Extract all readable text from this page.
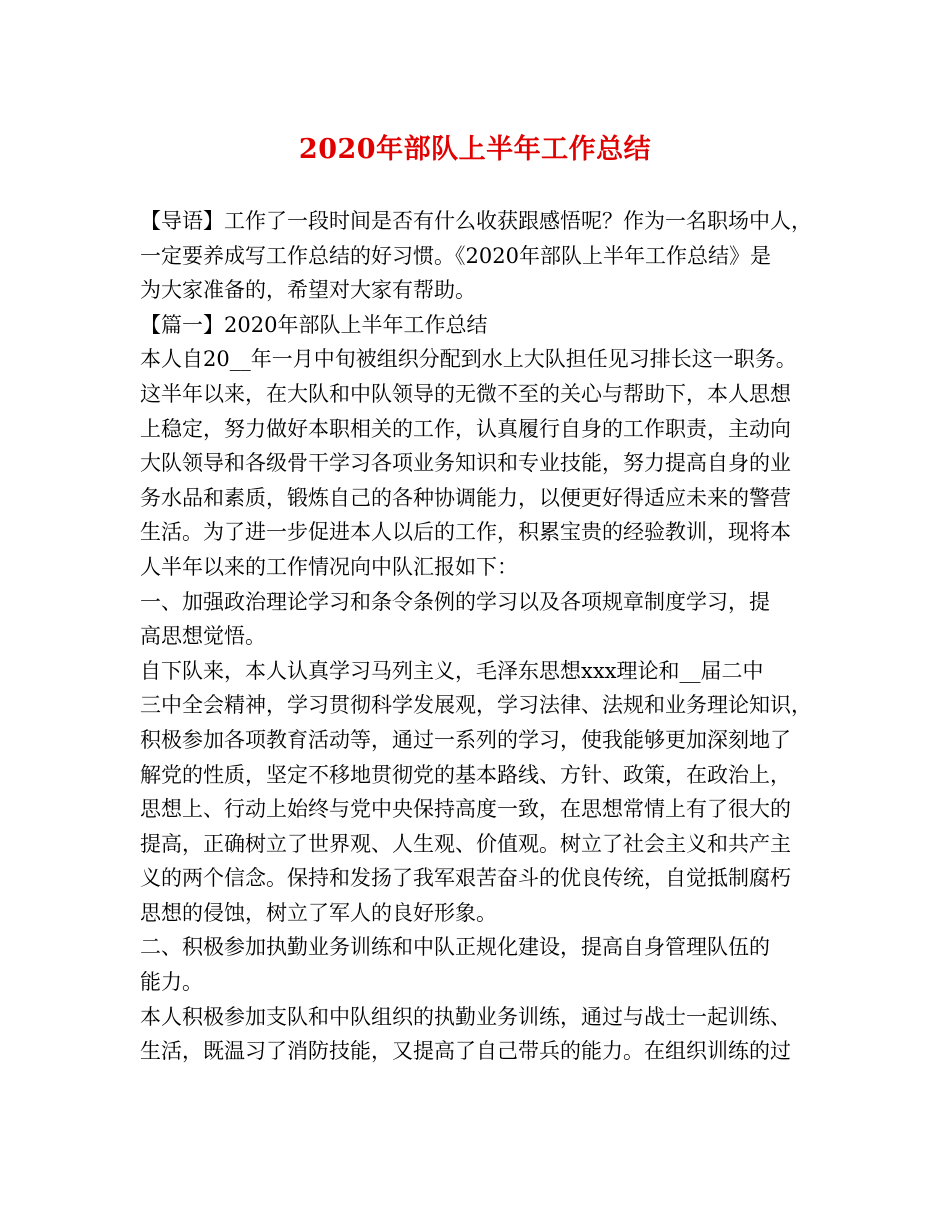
2020年部队上半年工作总结
【导语】工作了一段时间是否有什么收获跟感悟呢？作为一名职场中人，
一定要养成写工作总结的好习惯。《2020年部队上半年工作总结》是
为大家准备的，希望对大家有帮助。
【篇一】2020年部队上半年工作总结
本人自20__年一月中旬被组织分配到水上大队担任见习排长这一职务。
这半年以来，在大队和中队领导的无微不至的关心与帮助下，本人思想
上稳定，努力做好本职相关的工作，认真履行自身的工作职责，主动向
大队领导和各级骨干学习各项业务知识和专业技能，努力提高自身的业
务水品和素质，锻炼自己的各种协调能力，以便更好得适应未来的警营
生活。为了进一步促进本人以后的工作，积累宝贵的经验教训，现将本
人半年以来的工作情况向中队汇报如下：
一、加强政治理论学习和条令条例的学习以及各项规章制度学习，提
高思想觉悟。
自下队来，本人认真学习马列主义，毛泽东思想xxx理论和__届二中
三中全会精神，学习贯彻科学发展观，学习法律、法规和业务理论知识，
积极参加各项教育活动等，通过一系列的学习，使我能够更加深刻地了
解党的性质，坚定不移地贯彻党的基本路线、方针、政策，在政治上，
思想上、行动上始终与党中央保持高度一致，在思想常情上有了很大的
提高，正确树立了世界观、人生观、价值观。树立了社会主义和共产主
义的两个信念。保持和发扬了我军艰苦奋斗的优良传统，自觉抵制腐朽
思想的侵蚀，树立了军人的良好形象。
二、积极参加执勤业务训练和中队正规化建设，提高自身管理队伍的
能力。
本人积极参加支队和中队组织的执勤业务训练，通过与战士一起训练、
生活，既温习了消防技能，又提高了自己带兵的能力。在组织训练的过
